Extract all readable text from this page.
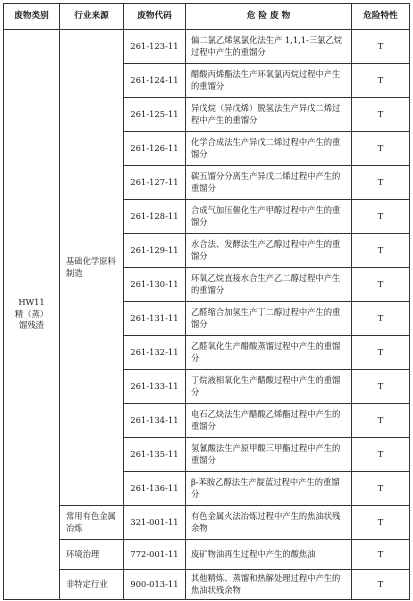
废物类别	行业来源	废物代码	危 险 废 物	危险特性
HW11
精（蒸）
馏残渣	基础化学原料制造	261-123-11	偏二氯乙烯氢氯化法生产 1,1,1-三氯乙烷过程中产生的重馏分	T
		261-124-11	醋酸丙烯酯法生产环氧氯丙烷过程中产生的重馏分	T
		261-125-11	异戊烷（异戊烯）脱氢法生产异戊二烯过程中产生的重馏分	T
		261-126-11	化学合成法生产异戊二烯过程中产生的重馏分	T
		261-127-11	碳五馏分分离生产异戊二烯过程中产生的重馏分	T
		261-128-11	合成气加压催化生产甲醇过程中产生的重馏分	T
		261-129-11	水合法、发酵法生产乙醇过程中产生的重馏分	T
		261-130-11	环氧乙烷直接水合生产乙二醇过程中产生的重馏分	T
		261-131-11	乙醛缩合加氢生产丁二醇过程中产生的重馏分	T
		261-132-11	乙醛氧化生产醋酸蒸馏过程中产生的重馏分	T
		261-133-11	丁烷液相氧化生产醋酸过程中产生的重馏分	T
		261-134-11	电石乙炔法生产醋酸乙烯酯过程中产生的重馏分	T
		261-135-11	氢氰酸法生产原甲酸三甲酯过程中产生的重馏分	T
		261-136-11	β-苯胺乙醇法生产靛蓝过程中产生的重馏分	T
	常用有色金属冶炼	321-001-11	有色金属火法冶炼过程中产生的焦油状残余物	T
	环境治理	772-001-11	废矿物油再生过程中产生的酸焦油	T
	非特定行业	900-013-11	其他精炼、蒸馏和热解处理过程中产生的焦油状残余物	T
